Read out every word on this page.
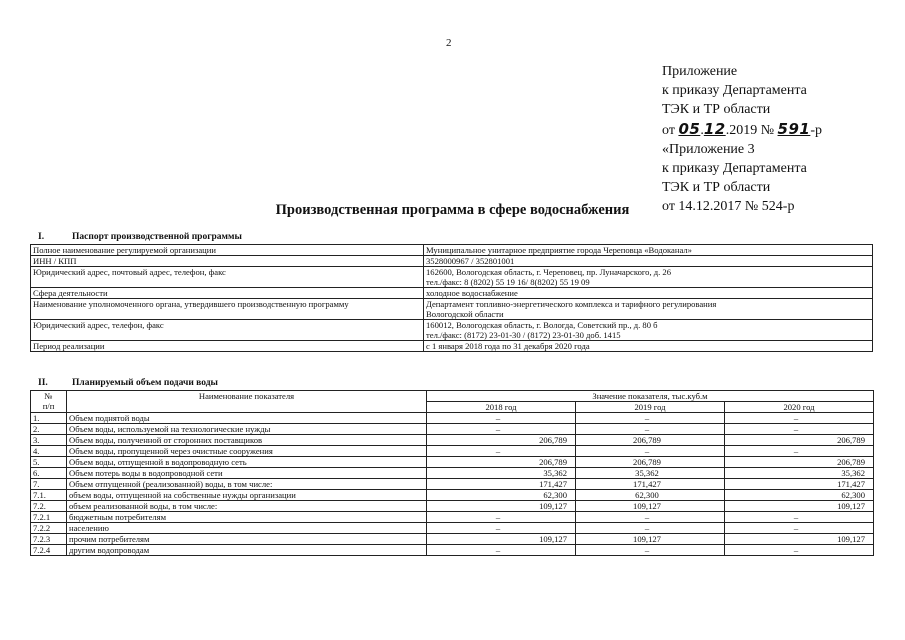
2
Приложение
к приказу Департамента
ТЭК и ТР области
от 05.12.2019 № 591-р
«Приложение 3
к приказу Департамента
ТЭК и ТР области
от 14.12.2017 № 524-р
Производственная программа в сфере водоснабжения
I.	Паспорт производственной программы
Полное наименование регулируемой организации	Муниципальное унитарное предприятие города Череповца «Водоканал»

ИНН / КПП	3528000967 / 352801001

Юридический адрес, почтовый адрес, телефон, факс	162600, Вологодская область, г. Череповец, пр. Луначарского, д. 26
тел./факс: 8 (8202) 55 19 16/ 8(8202) 55 19 09

Сфера деятельности	холодное водоснабжение

Наименование уполномоченного органа, утвердившего производственную программу	Департамент топливно-энергетического комплекса и тарифного регулирования
Вологодской области

Юридический адрес, телефон, факс	160012, Вологодская область, г. Вологда, Советский пр., д. 80 б
тел./факс: (8172) 23-01-30 / (8172) 23-01-30 доб. 1415

Период реализации	с 1 января 2018 года по 31 декабря 2020 года
II.	Планируемый объем подачи воды
№
п/п	Наименование показателя	Значение показателя, тыс.куб.м		
		2018 год	2019 год	2020 год
1.	Объем поднятой воды	–	–	–
2.	Объем воды, используемой на технологические нужды	–	–	–
3.	Объем воды, полученной от сторонних поставщиков	206,789	206,789	206,789
4.	Объем воды, пропущенной через очистные сооружения	–	–	–
5.	Объем воды, отпущенной в водопроводную сеть	206,789	206,789	206,789
6.	Объем потерь воды в водопроводной сети	35,362	35,362	35,362
7.	Объем отпущенной (реализованной) воды, в том числе:	171,427	171,427	171,427
7.1.	объем воды, отпущенной на собственные нужды организации	62,300	62,300	62,300
7.2.	объем реализованной воды, в том числе:	109,127	109,127	109,127
7.2.1	бюджетным потребителям	–	–	–
7.2.2	населению	–	–	–
7.2.3	прочим потребителям	109,127	109,127	109,127
7.2.4	другим водопроводам	–	–	–
